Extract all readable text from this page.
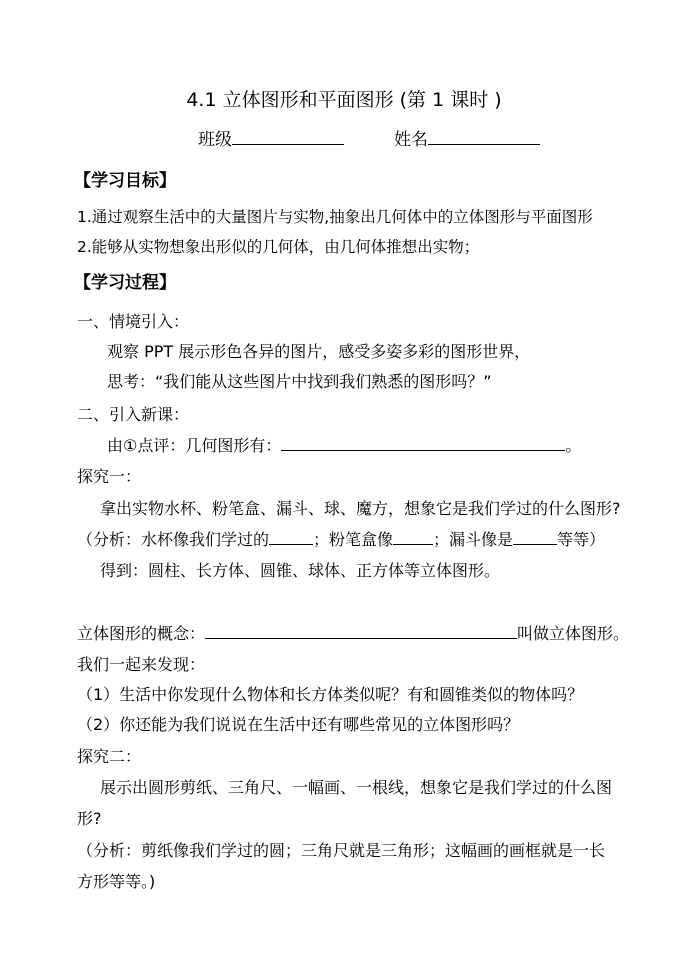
4.1 立体图形和平面图形 (第 1 课时 )
班级	姓名
【学习目标】
1.通过观察生活中的大量图片与实物,抽象出几何体中的立体图形与平面图形
2.能够从实物想象出形似的几何体，由几何体推想出实物；
【学习过程】
一、情境引入：
观察 PPT 展示形色各异的图片，感受多姿多彩的图形世界，
思考：“我们能从这些图片中找到我们熟悉的图形吗？”
二、引入新课：
由①点评：几何图形有：	。
探究一：
拿出实物水杯、粉笔盒、漏斗、球、魔方，想象它是我们学过的什么图形?
（分析：水杯像我们学过的	；粉笔盒像	；漏斗像是	等等）
得到：圆柱、长方体、圆锥、球体、正方体等立体图形。
立体图形的概念：	叫做立体图形。
我们一起来发现：
（1）生活中你发现什么物体和长方体类似呢？有和圆锥类似的物体吗？
（2）你还能为我们说说在生活中还有哪些常见的立体图形吗？
探究二：
展示出圆形剪纸、三角尺、一幅画、一根线，想象它是我们学过的什么图
形?
（分析：剪纸像我们学过的圆；三角尺就是三角形；这幅画的画框就是一长
方形等等。)
